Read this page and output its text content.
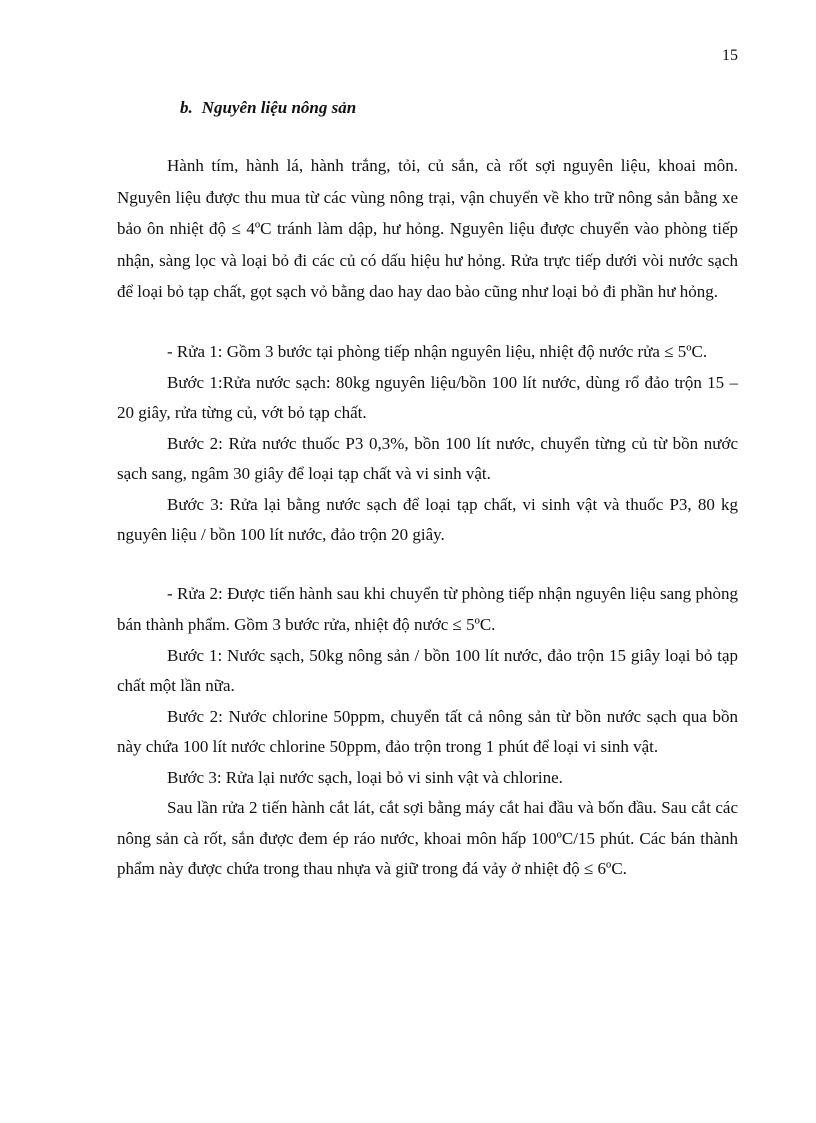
15
b. Nguyên liệu nông sản

Hành tím, hành lá, hành trắng, tỏi, củ sắn, cà rốt sợi nguyên liệu, khoai môn. Nguyên liệu được thu mua từ các vùng nông trại, vận chuyển về kho trữ nông sản bằng xe bảo ôn nhiệt độ ≤ 4ºC tránh làm dập, hư hỏng. Nguyên liệu được chuyển vào phòng tiếp nhận, sàng lọc và loại bỏ đi các củ có dấu hiệu hư hỏng. Rửa trực tiếp dưới vòi nước sạch để loại bỏ tạp chất, gọt sạch vỏ bằng dao hay dao bào cũng như loại bỏ đi phần hư hỏng.

- Rửa 1: Gồm 3 bước tại phòng tiếp nhận nguyên liệu, nhiệt độ nước rửa ≤ 5ºC.

Bước 1:Rửa nước sạch: 80kg nguyên liệu/bồn 100 lít nước, dùng rổ đảo trộn 15 – 20 giây, rửa từng củ, vớt bỏ tạp chất.

Bước 2: Rửa nước thuốc P3 0,3%, bồn 100 lít nước, chuyển từng củ từ bồn nước sạch sang, ngâm 30 giây để loại tạp chất và vi sinh vật.

Bước 3: Rửa lại bằng nước sạch để loại tạp chất, vi sinh vật và thuốc P3, 80 kg nguyên liệu / bồn 100 lít nước, đảo trộn 20 giây.

- Rửa 2: Được tiến hành sau khi chuyển từ phòng tiếp nhận nguyên liệu sang phòng bán thành phẩm. Gồm 3 bước rửa, nhiệt độ nước ≤ 5ºC.

Bước 1: Nước sạch, 50kg nông sản / bồn 100 lít nước, đảo trộn 15 giây loại bỏ tạp chất một lần nữa.

Bước 2: Nước chlorine 50ppm, chuyển tất cả nông sản từ bồn nước sạch qua bồn này chứa 100 lít nước chlorine 50ppm, đảo trộn trong 1 phút để loại vi sinh vật.

Bước 3: Rửa lại nước sạch, loại bỏ vi sinh vật và chlorine.

Sau lần rửa 2 tiến hành cắt lát, cắt sợi bằng máy cắt hai đầu và bốn đầu. Sau cắt các nông sản cà rốt, sắn được đem ép ráo nước, khoai môn hấp 100ºC/15 phút. Các bán thành phẩm này được chứa trong thau nhựa và giữ trong đá vảy ở nhiệt độ ≤ 6ºC.
